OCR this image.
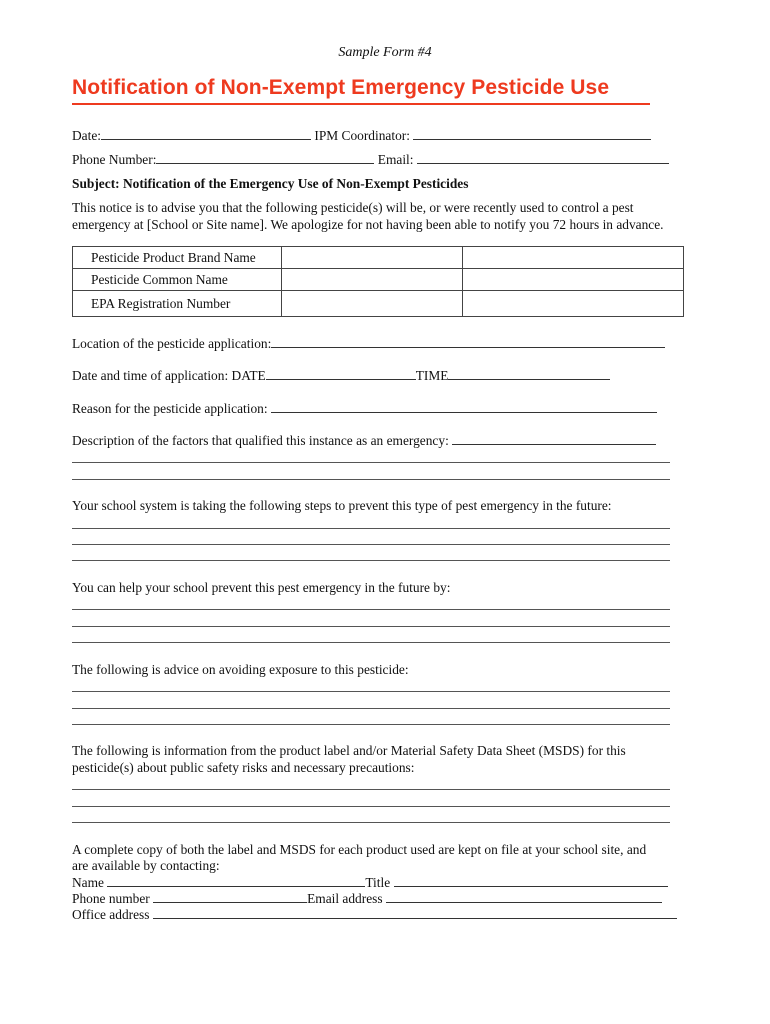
Sample Form #4
Notification of Non-Exempt Emergency Pesticide Use
Date:	IPM Coordinator:
Phone Number:	Email:
Subject: Notification of the Emergency Use of Non-Exempt Pesticides
This notice is to advise you that the following pesticide(s) will be, or were recently used to control a pest
emergency at [School or Site name]. We apologize for not having been able to notify you 72 hours in advance.
Pesticide Product Brand Name		
Pesticide Common Name		
EPA Registration Number		
Location of the pesticide application:
Date and time of application: DATE	TIME
Reason for the pesticide application:
Description of the factors that qualified this instance as an emergency:
Your school system is taking the following steps to prevent this type of pest emergency in the future:
You can help your school prevent this pest emergency in the future by:
The following is advice on avoiding exposure to this pesticide:
The following is information from the product label and/or Material Safety Data Sheet (MSDS) for this
pesticide(s) about public safety risks and necessary precautions:
A complete copy of both the label and MSDS for each product used are kept on file at your school site, and
are available by contacting:
Name	Title
Phone number	Email address
Office address
